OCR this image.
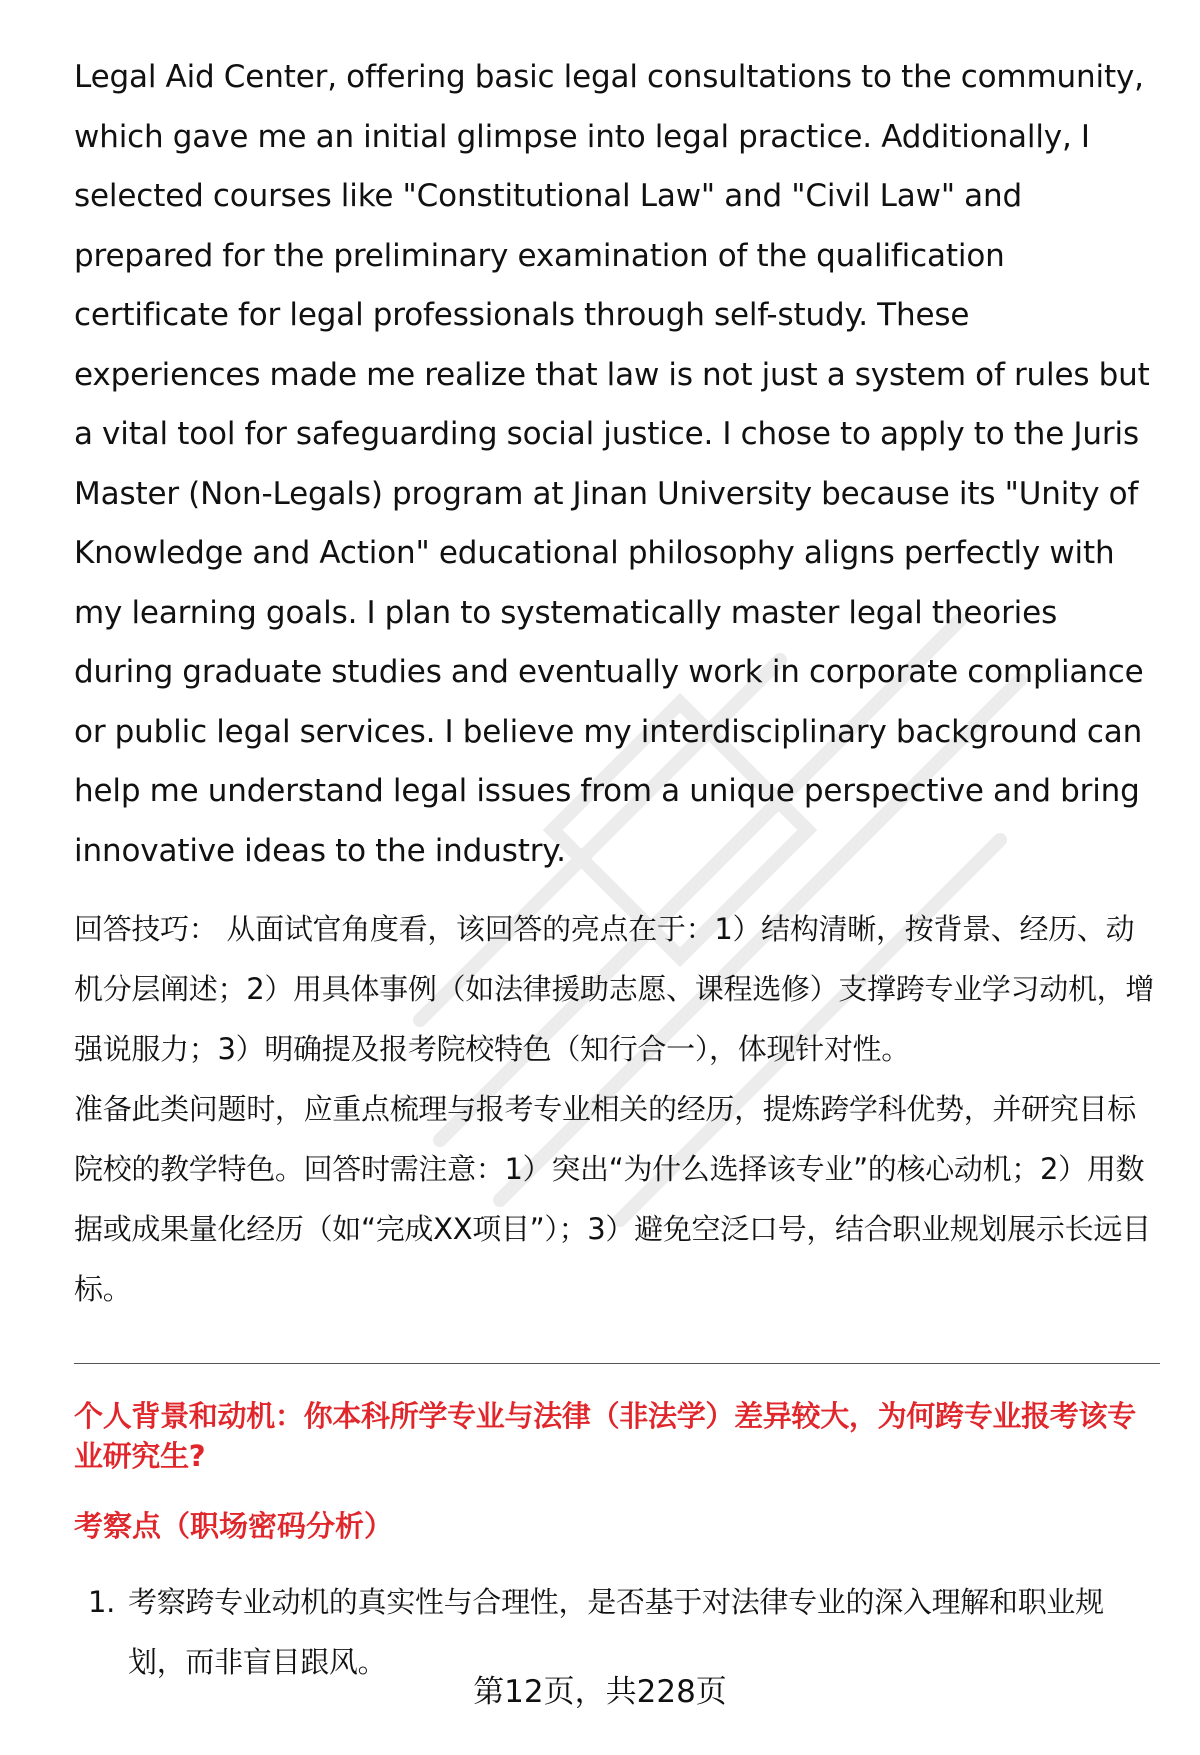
Legal Aid Center, offering basic legal consultations to the community, which gave me an initial glimpse into legal practice. Additionally, I selected courses like "Constitutional Law" and "Civil Law" and prepared for the preliminary examination of the qualification certificate for legal professionals through self-study. These experiences made me realize that law is not just a system of rules but a vital tool for safeguarding social justice. I chose to apply to the Juris Master (Non-Legals) program at Jinan University because its "Unity of Knowledge and Action" educational philosophy aligns perfectly with my learning goals. I plan to systematically master legal theories during graduate studies and eventually work in corporate compliance or public legal services. I believe my interdisciplinary background can help me understand legal issues from a unique perspective and bring innovative ideas to the industry.

回答技巧： 从面试官角度看，该回答的亮点在于：1）结构清晰，按背景、经历、动机分层阐述；2）用具体事例（如法律援助志愿、课程选修）支撑跨专业学习动机，增强说服力；3）明确提及报考院校特色（知行合一），体现针对性。

准备此类问题时，应重点梳理与报考专业相关的经历，提炼跨学科优势，并研究目标院校的教学特色。回答时需注意：1）突出“为什么选择该专业”的核心动机；2）用数据或成果量化经历（如“完成XX项目”）；3）避免空泛口号，结合职业规划展示长远目标。

个人背景和动机：你本科所学专业与法律（非法学）差异较大，为何跨专业报考该专业研究生?
考察点（职场密码分析）
1. 考察跨专业动机的真实性与合理性，是否基于对法律专业的深入理解和职业规划，而非盲目跟风。
第12页，共228页
